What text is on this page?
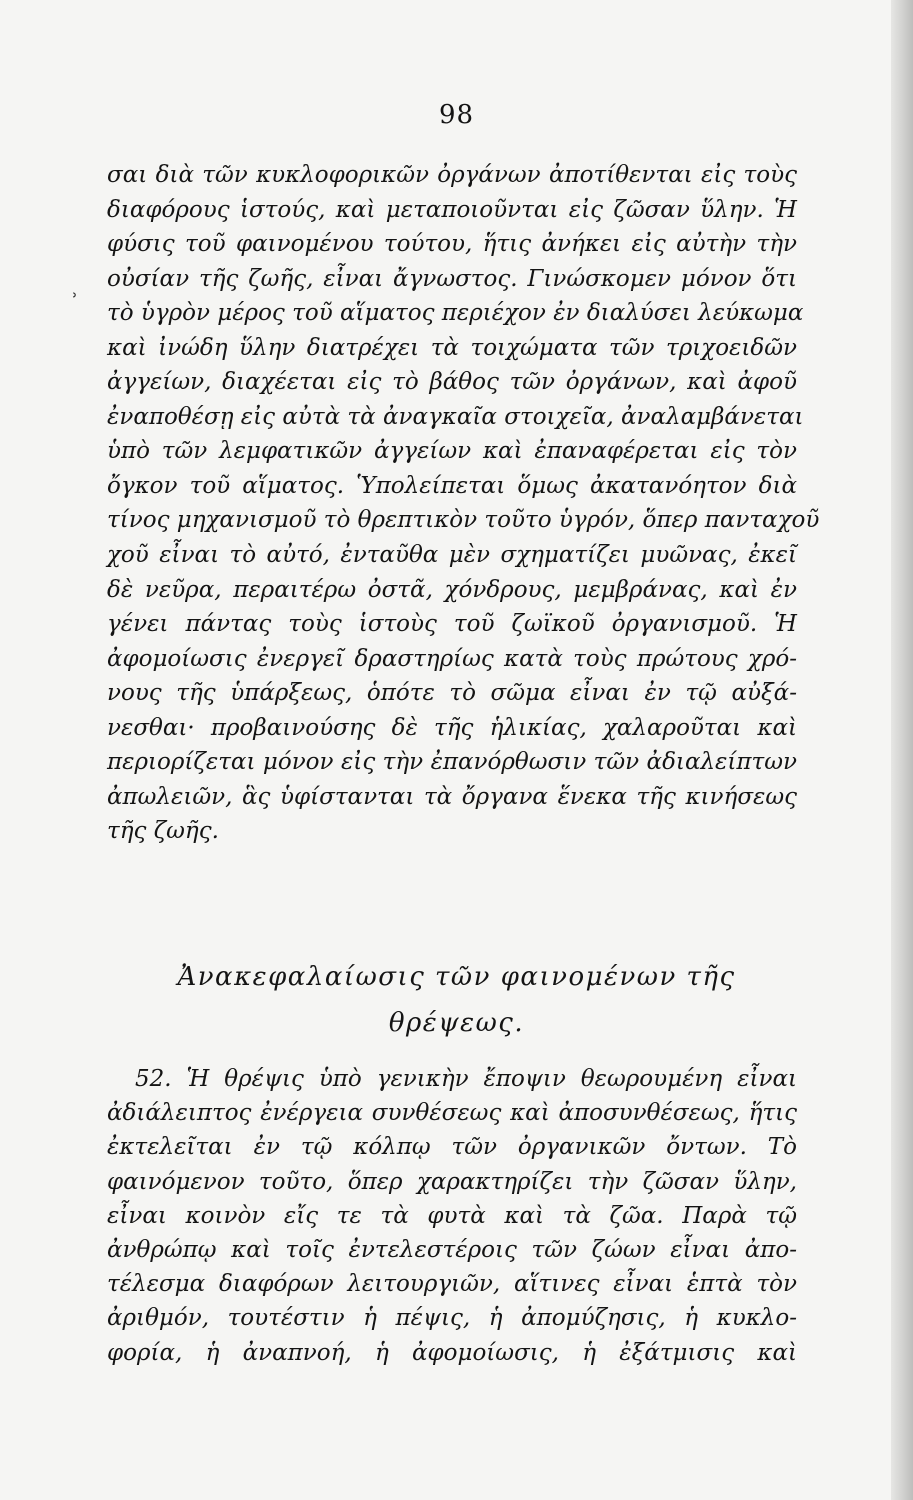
98
ʾ
σαι διὰ τῶν κυκλοφορικῶν ὀργάνων ἀποτίθενται εἰς τοὺς
διαφόρους ἱστούς, καὶ μεταποιοῦνται εἰς ζῶσαν ὕλην. Ἡ
φύσις τοῦ φαινομένου τούτου, ἥτις ἀνήκει εἰς αὐτὴν τὴν
οὐσίαν τῆς ζωῆς, εἶναι ἄγνωστος. Γινώσκομεν μόνον ὅτι
τὸ ὑγρὸν μέρος τοῦ αἵματος περιέχον ἐν διαλύσει λεύκωμα
καὶ ἰνώδη ὕλην διατρέχει τὰ τοιχώματα τῶν τριχοειδῶν
ἀγγείων, διαχέεται εἰς τὸ βάθος τῶν ὀργάνων, καὶ ἀφοῦ
ἐναποθέσῃ εἰς αὐτὰ τὰ ἀναγκαῖα στοιχεῖα, ἀναλαμβάνεται
ὑπὸ τῶν λεμφατικῶν ἀγγείων καὶ ἐπαναφέρεται εἰς τὸν
ὄγκον τοῦ αἵματος. Ὑπολείπεται ὅμως ἀκατανόητον διὰ
τίνος μηχανισμοῦ τὸ θρεπτικὸν τοῦτο ὑγρόν, ὅπερ πανταχοῦ
χοῦ εἶναι τὸ αὐτό, ἐνταῦθα μὲν σχηματίζει μυῶνας, ἐκεῖ
δὲ νεῦρα, περαιτέρω ὀστᾶ, χόνδρους, μεμβράνας, καὶ ἐν
γένει πάντας τοὺς ἱστοὺς τοῦ ζωϊκοῦ ὀργανισμοῦ. Ἡ
ἀφομοίωσις ἐνεργεῖ δραστηρίως κατὰ τοὺς πρώτους χρό-
νους τῆς ὑπάρξεως, ὁπότε τὸ σῶμα εἶναι ἐν τῷ αὐξά-
νεσθαι· προβαινούσης δὲ τῆς ἡλικίας, χαλαροῦται καὶ
περιορίζεται μόνον εἰς τὴν ἐπανόρθωσιν τῶν ἀδιαλείπτων
ἀπωλειῶν, ἃς ὑφίστανται τὰ ὄργανα ἕνεκα τῆς κινήσεως
τῆς ζωῆς.
Ἀνακεφαλαίωσις τῶν φαινομένων τῆς
θρέψεως.
52. Ἡ θρέψις ὑπὸ γενικὴν ἔποψιν θεωρουμένη εἶναι
ἀδιάλειπτος ἐνέργεια συνθέσεως καὶ ἀποσυνθέσεως, ἥτις
ἐκτελεῖται ἐν τῷ κόλπῳ τῶν ὀργανικῶν ὄντων. Τὸ
φαινόμενον τοῦτο, ὅπερ χαρακτηρίζει τὴν ζῶσαν ὕλην,
εἶναι κοινὸν εἴς τε τὰ φυτὰ καὶ τὰ ζῶα. Παρὰ τῷ
ἀνθρώπῳ καὶ τοῖς ἐντελεστέροις τῶν ζώων εἶναι ἀπο-
τέλεσμα διαφόρων λειτουργιῶν, αἵτινες εἶναι ἑπτὰ τὸν
ἀριθμόν, τουτέστιν ἡ πέψις, ἡ ἀπομύζησις, ἡ κυκλο-
φορία, ἡ ἀναπνοή, ἡ ἀφομοίωσις, ἡ ἐξάτμισις καὶ
